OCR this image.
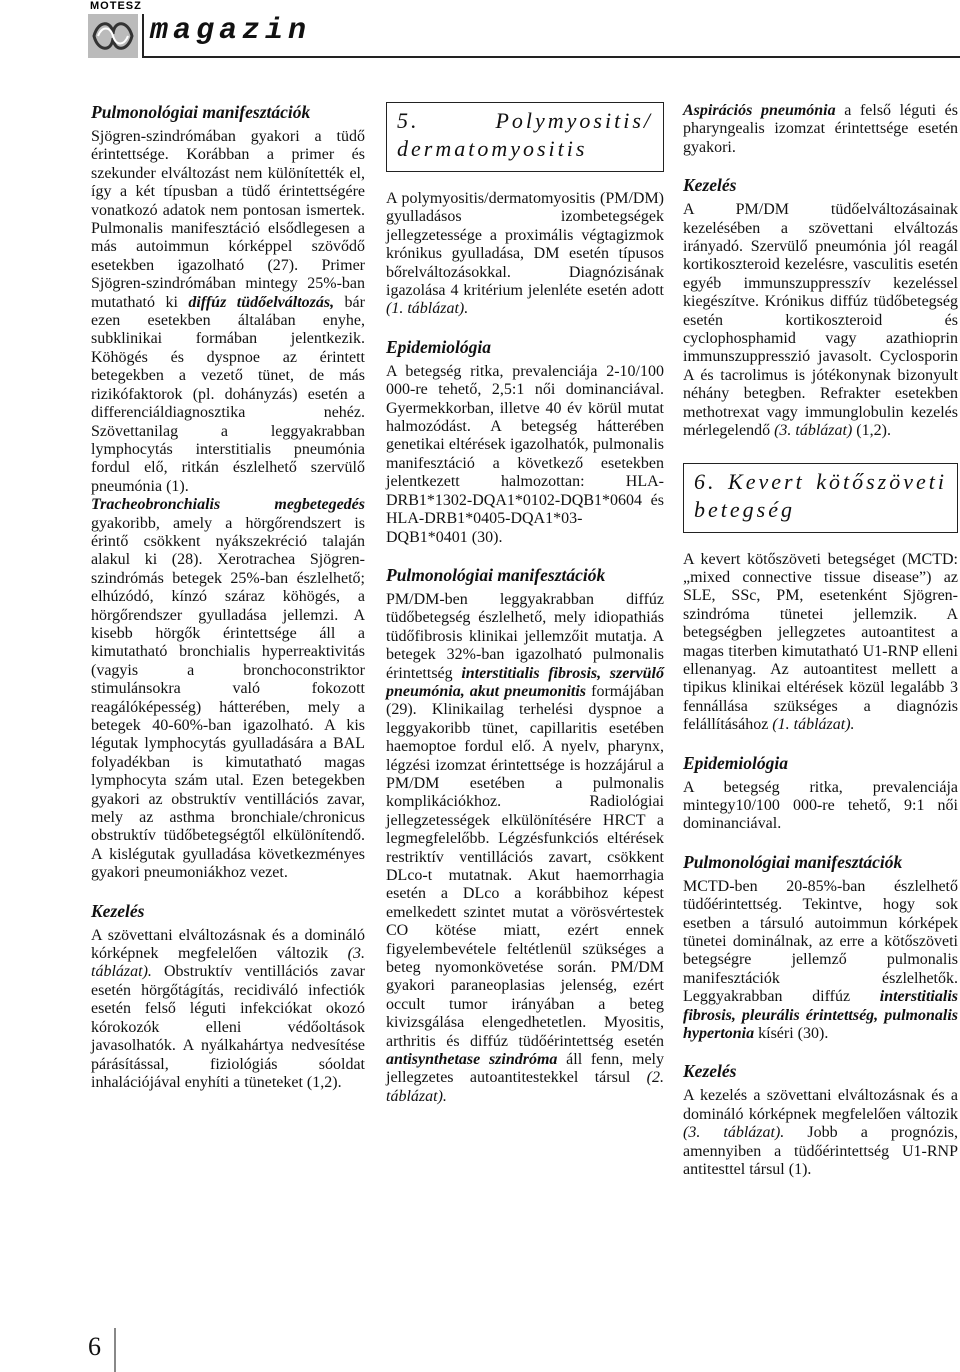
MOTESZ
magazin
Pulmonológiai manifesztációk

Sjögren-szindrómában gyakori a tüdő érintettsége. Korábban a primer és szekunder elváltozást nem különítették el, így a két típusban a tüdő érintettségére vonatkozó adatok nem pontosan ismertek. Pulmonalis manifesztáció elsődlegesen a más autoimmun kórképpel szövődő esetekben igazolható (27). Primer Sjögren-szindrómában mintegy 25%-ban mutatható ki diffúz tüdőelváltozás, bár ezen esetekben általában enyhe, subklinikai formában jelentkezik. Köhögés és dyspnoe az érintett betegekben a vezető tünet, de más rizikófaktorok (pl. dohányzás) esetén a differenciáldiagnosztika nehéz. Szövettanilag a leggyakrabban lymphocytás interstitialis pneumónia fordul elő, ritkán észlelhető szervülő pneumónia (1).

Tracheobronchialis megbetegedés gyakoribb, amely a hörgőrendszert is érintő csökkent nyákszekréció talaján alakul ki (28). Xerotrachea Sjögren-szindrómás betegek 25%-ban észlelhető; elhúzódó, kínzó száraz köhögés, a hörgőrendszer gyulladása jellemzi. A kisebb hörgők érintettsége áll a kimutatható bronchialis hyperreaktivitás (vagyis a bronchoconstriktor stimulánsokra való fokozott reagálóképesség) hátterében, mely a betegek 40-60%-ban igazolható. A kis légutak lymphocytás gyulladására a BAL folyadékban is kimutatható magas lymphocyta szám utal. Ezen betegekben gyakori az obstruktív ventillációs zavar, mely az asthma bronchiale/chronicus obstruktív tüdőbetegségtől elkülönítendő. A kislégutak gyulladása következményes gyakori pneumoniákhoz vezet.

Kezelés

A szövettani elváltozásnak és a domináló kórképnek megfelelően változik (3. táblázat). Obstruktív ventillációs zavar esetén hörgőtágítás, recidiváló infectiók esetén felső léguti infekciókat okozó kórokozók elleni védőoltások javasolhatók. A nyálkahártya nedvesítése párásítással, fiziológiás sóoldat inhalációjával enyhíti a tüneteket (1,2).

5. Polymyositis/ dermatomyositis

A polymyositis/dermatomyositis (PM/DM) gyulladásos izombetegségek jellegzetessége a proximális végtagizmok krónikus gyulladása, DM esetén típusos bőrelváltozásokkal. Diagnózisának igazolása 4 kritérium jelenléte esetén adott (1. táblázat).

Epidemiológia

A betegség ritka, prevalenciája 2-10/100 000-re tehető, 2,5:1 női dominanciával. Gyermekkorban, illetve 40 év körül mutat halmozódást. A betegség hátterében genetikai eltérések igazolhatók, pulmonalis manifesztáció a következő esetekben jelentkezett halmozottan: HLA-DRB1*1302-DQA1*0102-DQB1*0604 és HLA-DRB1*0405-DQA1*03-DQB1*0401 (30).

Pulmonológiai manifesztációk

PM/DM-ben leggyakrabban diffúz tüdőbetegség észlelhető, mely idiopathiás tüdőfibrosis klinikai jellemzőit mutatja. A betegek 32%-ban igazolható pulmonalis érintettség interstitialis fibrosis, szervülő pneumónia, akut pneumonitis formájában (29). Klinikailag terhelési dyspnoe a leggyakoribb tünet, capillaritis esetében haemoptoe fordul elő. A nyelv, pharynx, légzési izomzat érintettsége is hozzájárul a PM/DM esetében a pulmonalis komplikációkhoz. Radiológiai jellegzetességek elkülönítésére HRCT a legmegfelelőbb. Légzésfunkciós eltérések restriktív ventillációs zavart, csökkent DLco-t mutatnak. Akut haemorrhagia esetén a DLco a korábbihoz képest emelkedett szintet mutat a vörösvértestek CO kötése miatt, ezért ennek figyelembevétele feltétlenül szükséges a beteg nyomonkövetése során. PM/DM gyakori paraneoplasias jelenség, ezért occult tumor irányában a beteg kivizsgálása elengedhetetlen. Myositis, arthritis és diffúz tüdőérintettség esetén antisynthetase szindróma áll fenn, mely jellegzetes autoantitestekkel társul (2. táblázat).

Aspirációs pneumónia a felső léguti és pharyngealis izomzat érintettsége esetén gyakori.

Kezelés

A PM/DM tüdőelváltozásainak kezelésében a szövettani elváltozás irányadó. Szervülő pneumónia jól reagál kortikoszteroid kezelésre, vasculitis esetén egyéb immunszuppresszív kezeléssel kiegészítve. Krónikus diffúz tüdőbetegség esetén kortikoszteroid és cyclophosphamid vagy azathioprin immunszuppresszió javasolt. Cyclosporin A és tacrolimus is jótékonynak bizonyult néhány betegben. Refrakter esetekben methotrexat vagy immunglobulin kezelés mérlegelendő (3. táblázat) (1,2).

6. Kevert kötőszöveti betegség

A kevert kötőszöveti betegséget (MCTD: „mixed connective tissue disease”) az SLE, SSc, PM, esetenként Sjögren-szindróma tünetei jellemzik. A betegségben jellegzetes autoantitest a magas titerben kimutatható U1-RNP elleni ellenanyag. Az autoantitest mellett a tipikus klinikai eltérések közül legalább 3 fennállása szükséges a diagnózis felállításához (1. táblázat).

Epidemiológia

A betegség ritka, prevalenciája mintegy10/100 000-re tehető, 9:1 női dominanciával.

Pulmonológiai manifesztációk

MCTD-ben 20-85%-ban észlelhető tüdőérintettség. Tekintve, hogy sok esetben a társuló autoimmun kórképek tünetei dominálnak, az erre a kötőszöveti betegségre jellemző pulmonalis manifesztációk észlelhetők. Leggyakrabban diffúz interstitialis fibrosis, pleurális érintettség, pulmonalis hypertonia kíséri (30).

Kezelés

A kezelés a szövettani elváltozásnak és a domináló kórképnek megfelelően változik (3. táblázat). Jobb a prognózis, amennyiben a tüdőérintettség U1-RNP antitesttel társul (1).

6
